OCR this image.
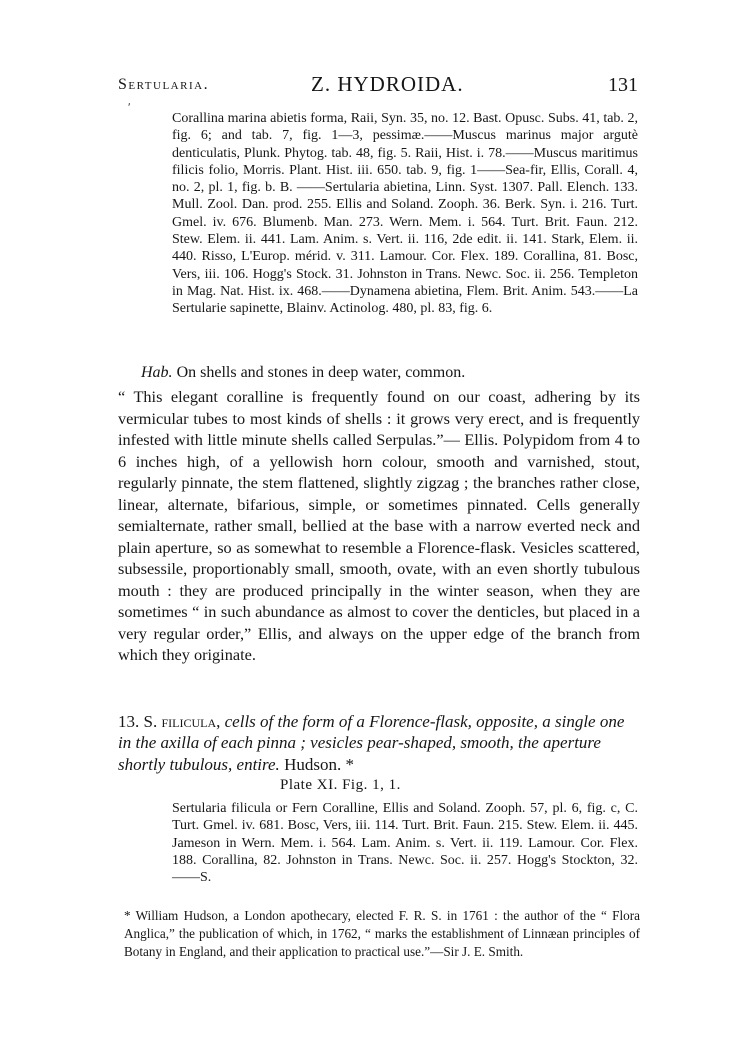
Sertularia.	Z. HYDROIDA.	131
ʹ
Corallina marina abietis forma, Raii, Syn. 35, no. 12. Bast. Opusc. Subs. 41, tab. 2, fig. 6; and tab. 7, fig. 1—3, pessimæ.——Muscus marinus major argutè denticulatis, Plunk. Phytog. tab. 48, fig. 5. Raii, Hist. i. 78.——Muscus maritimus filicis folio, Morris. Plant. Hist. iii. 650. tab. 9, fig. 1——Sea-fir, Ellis, Corall. 4, no. 2, pl. 1, fig. b. B. ——Sertularia abietina, Linn. Syst. 1307. Pall. Elench. 133. Mull. Zool. Dan. prod. 255. Ellis and Soland. Zooph. 36. Berk. Syn. i. 216. Turt. Gmel. iv. 676. Blumenb. Man. 273. Wern. Mem. i. 564. Turt. Brit. Faun. 212. Stew. Elem. ii. 441. Lam. Anim. s. Vert. ii. 116, 2de edit. ii. 141. Stark, Elem. ii. 440. Risso, L'Europ. mérid. v. 311. Lamour. Cor. Flex. 189. Corallina, 81. Bosc, Vers, iii. 106. Hogg's Stock. 31. Johnston in Trans. Newc. Soc. ii. 256. Templeton in Mag. Nat. Hist. ix. 468.——Dynamena abietina, Flem. Brit. Anim. 543.——La Sertularie sapinette, Blainv. Actinolog. 480, pl. 83, fig. 6.
Hab. On shells and stones in deep water, common.
“ This elegant coralline is frequently found on our coast, adhering by its vermicular tubes to most kinds of shells : it grows very erect, and is frequently infested with little minute shells called Serpulas.”— Ellis. Polypidom from 4 to 6 inches high, of a yellowish horn colour, smooth and varnished, stout, regularly pinnate, the stem flattened, slightly zigzag ; the branches rather close, linear, alternate, bifarious, simple, or sometimes pinnated. Cells generally semialternate, rather small, bellied at the base with a narrow everted neck and plain aperture, so as somewhat to resemble a Florence-flask. Vesicles scattered, subsessile, proportionably small, smooth, ovate, with an even shortly tubulous mouth : they are produced principally in the winter season, when they are sometimes “ in such abundance as almost to cover the denticles, but placed in a very regular order,” Ellis, and always on the upper edge of the branch from which they originate.
13. S. filicula, cells of the form of a Florence-flask, opposite, a single one in the axilla of each pinna ; vesicles pear-shaped, smooth, the aperture shortly tubulous, entire. Hudson. *
Plate XI. Fig. 1, 1.
Sertularia filicula or Fern Coralline, Ellis and Soland. Zooph. 57, pl. 6, fig. c, C. Turt. Gmel. iv. 681. Bosc, Vers, iii. 114. Turt. Brit. Faun. 215. Stew. Elem. ii. 445. Jameson in Wern. Mem. i. 564. Lam. Anim. s. Vert. ii. 119. Lamour. Cor. Flex. 188. Corallina, 82. Johnston in Trans. Newc. Soc. ii. 257. Hogg's Stockton, 32.——S.
* William Hudson, a London apothecary, elected F. R. S. in 1761 : the author of the “ Flora Anglica,” the publication of which, in 1762, “ marks the establishment of Linnæan principles of Botany in England, and their application to practical use.”—Sir J. E. Smith.
